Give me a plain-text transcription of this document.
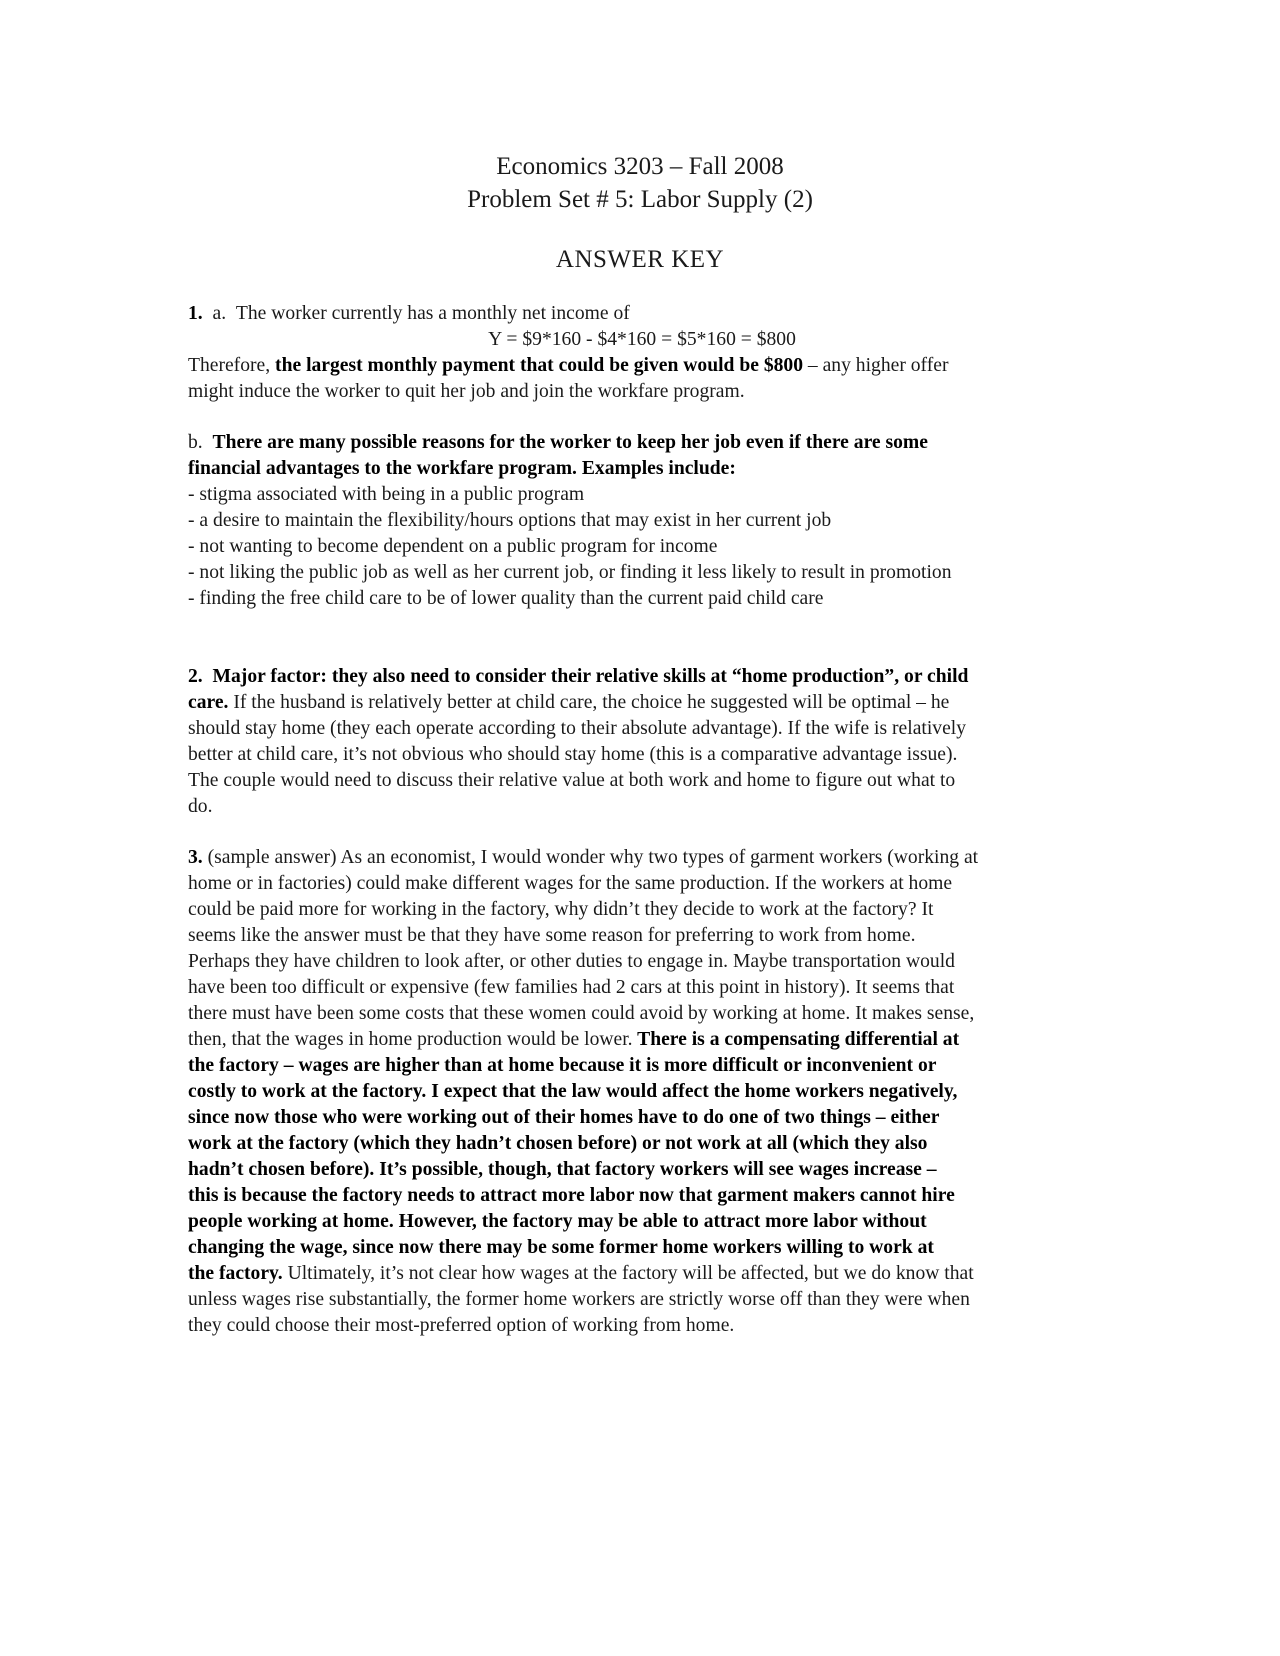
Economics 3203 – Fall 2008
Problem Set # 5: Labor Supply (2)
ANSWER KEY
1. a. The worker currently has a monthly net income of
Y = $9*160 - $4*160 = $5*160 = $800
Therefore, the largest monthly payment that could be given would be $800 – any higher offer
might induce the worker to quit her job and join the workfare program.
b. There are many possible reasons for the worker to keep her job even if there are some
financial advantages to the workfare program. Examples include:
- stigma associated with being in a public program
- a desire to maintain the flexibility/hours options that may exist in her current job
- not wanting to become dependent on a public program for income
- not liking the public job as well as her current job, or finding it less likely to result in promotion
- finding the free child care to be of lower quality than the current paid child care
2. Major factor: they also need to consider their relative skills at “home production”, or child
care. If the husband is relatively better at child care, the choice he suggested will be optimal – he
should stay home (they each operate according to their absolute advantage). If the wife is relatively
better at child care, it’s not obvious who should stay home (this is a comparative advantage issue).
The couple would need to discuss their relative value at both work and home to figure out what to
do.
3. (sample answer) As an economist, I would wonder why two types of garment workers (working at
home or in factories) could make different wages for the same production. If the workers at home
could be paid more for working in the factory, why didn’t they decide to work at the factory? It
seems like the answer must be that they have some reason for preferring to work from home.
Perhaps they have children to look after, or other duties to engage in. Maybe transportation would
have been too difficult or expensive (few families had 2 cars at this point in history). It seems that
there must have been some costs that these women could avoid by working at home. It makes sense,
then, that the wages in home production would be lower. There is a compensating differential at
the factory – wages are higher than at home because it is more difficult or inconvenient or
costly to work at the factory. I expect that the law would affect the home workers negatively,
since now those who were working out of their homes have to do one of two things – either
work at the factory (which they hadn’t chosen before) or not work at all (which they also
hadn’t chosen before). It’s possible, though, that factory workers will see wages increase –
this is because the factory needs to attract more labor now that garment makers cannot hire
people working at home. However, the factory may be able to attract more labor without
changing the wage, since now there may be some former home workers willing to work at
the factory. Ultimately, it’s not clear how wages at the factory will be affected, but we do know that
unless wages rise substantially, the former home workers are strictly worse off than they were when
they could choose their most-preferred option of working from home.
